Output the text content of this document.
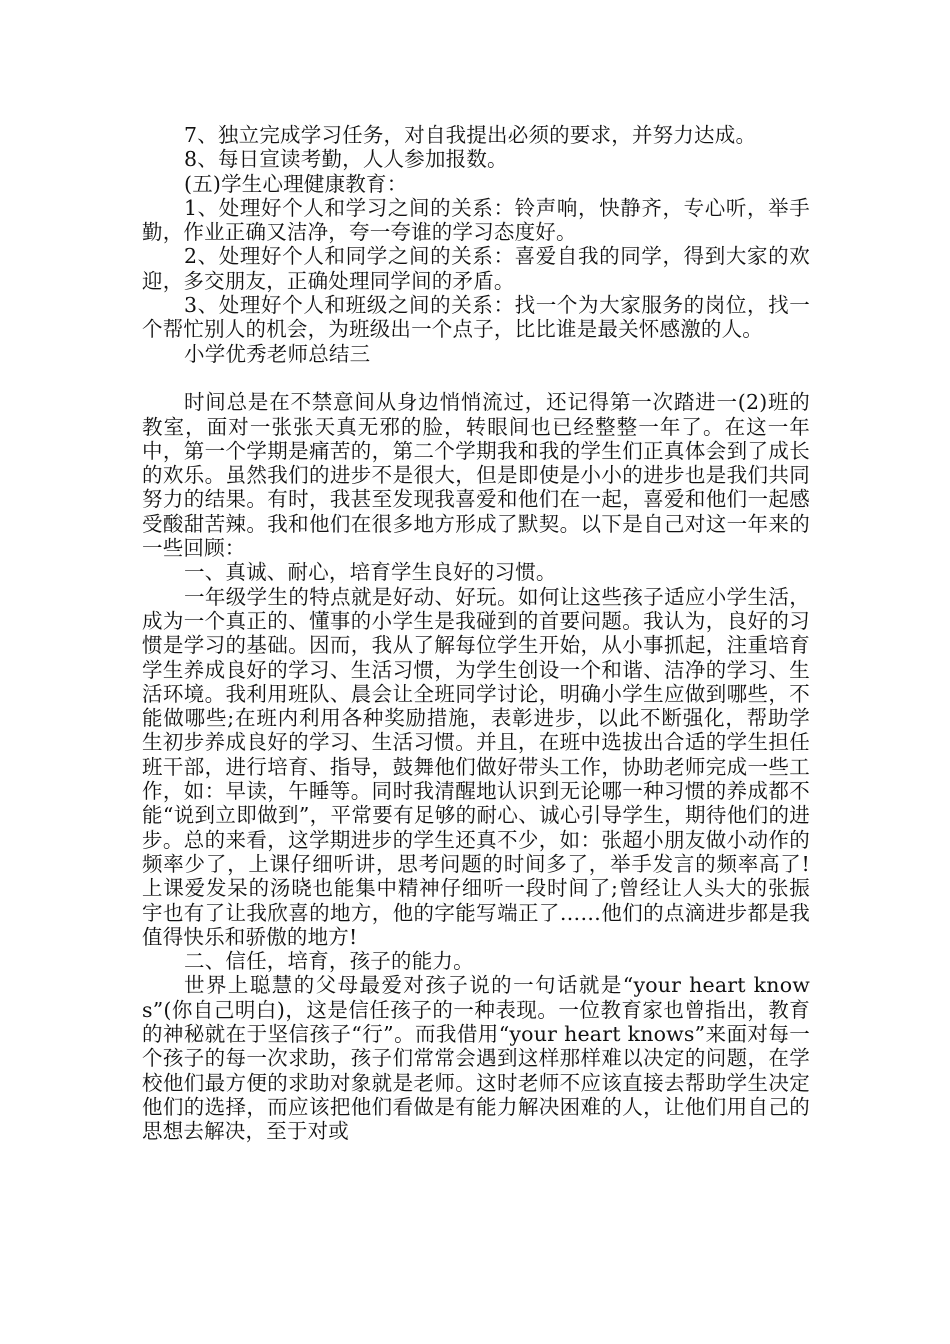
7、独立完成学习任务，对自我提出必须的要求，并努力达成。

8、每日宣读考勤，人人参加报数。

(五)学生心理健康教育：

1、处理好个人和学习之间的关系：铃声响，快静齐，专心听，举手勤，作业正确又洁净，夸一夸谁的学习态度好。

2、处理好个人和同学之间的关系：喜爱自我的同学，得到大家的欢迎，多交朋友，正确处理同学间的矛盾。

3、处理好个人和班级之间的关系：找一个为大家服务的岗位，找一个帮忙别人的机会，为班级出一个点子，比比谁是最关怀感激的人。

小学优秀老师总结三

时间总是在不禁意间从身边悄悄流过，还记得第一次踏进一(2)班的教室，面对一张张天真无邪的脸，转眼间也已经整整一年了。在这一年中，第一个学期是痛苦的，第二个学期我和我的学生们正真体会到了成长的欢乐。虽然我们的进步不是很大，但是即使是小小的进步也是我们共同努力的结果。有时，我甚至发现我喜爱和他们在一起，喜爱和他们一起感受酸甜苦辣。我和他们在很多地方形成了默契。以下是自己对这一年来的一些回顾：

一、真诚、耐心，培育学生良好的习惯。

一年级学生的特点就是好动、好玩。如何让这些孩子适应小学生活，成为一个真正的、懂事的小学生是我碰到的首要问题。我认为，良好的习惯是学习的基础。因而，我从了解每位学生开始，从小事抓起，注重培育学生养成良好的学习、生活习惯，为学生创设一个和谐、洁净的学习、生活环境。我利用班队、晨会让全班同学讨论，明确小学生应做到哪些，不能做哪些;在班内利用各种奖励措施，表彰进步，以此不断强化，帮助学生初步养成良好的学习、生活习惯。并且，在班中选拔出合适的学生担任班干部，进行培育、指导，鼓舞他们做好带头工作，协助老师完成一些工作，如：早读，午睡等。同时我清醒地认识到无论哪一种习惯的养成都不能“说到立即做到”，平常要有足够的耐心、诚心引导学生，期待他们的进步。总的来看，这学期进步的学生还真不少，如：张超小朋友做小动作的频率少了，上课仔细听讲，思考问题的时间多了，举手发言的频率高了!上课爱发呆的汤晓也能集中精神仔细听一段时间了;曾经让人头大的张振宇也有了让我欣喜的地方，他的字能写端正了……他们的点滴进步都是我值得快乐和骄傲的地方!

二、信任，培育，孩子的能力。

世界上聪慧的父母最爱对孩子说的一句话就是“your heart knows”(你自己明白)，这是信任孩子的一种表现。一位教育家也曾指出，教育的神秘就在于坚信孩子“行”。而我借用“your heart knows”来面对每一个孩子的每一次求助，孩子们常常会遇到这样那样难以决定的问题，在学校他们最方便的求助对象就是老师。这时老师不应该直接去帮助学生决定他们的选择，而应该把他们看做是有能力解决困难的人，让他们用自己的思想去解决，至于对或
